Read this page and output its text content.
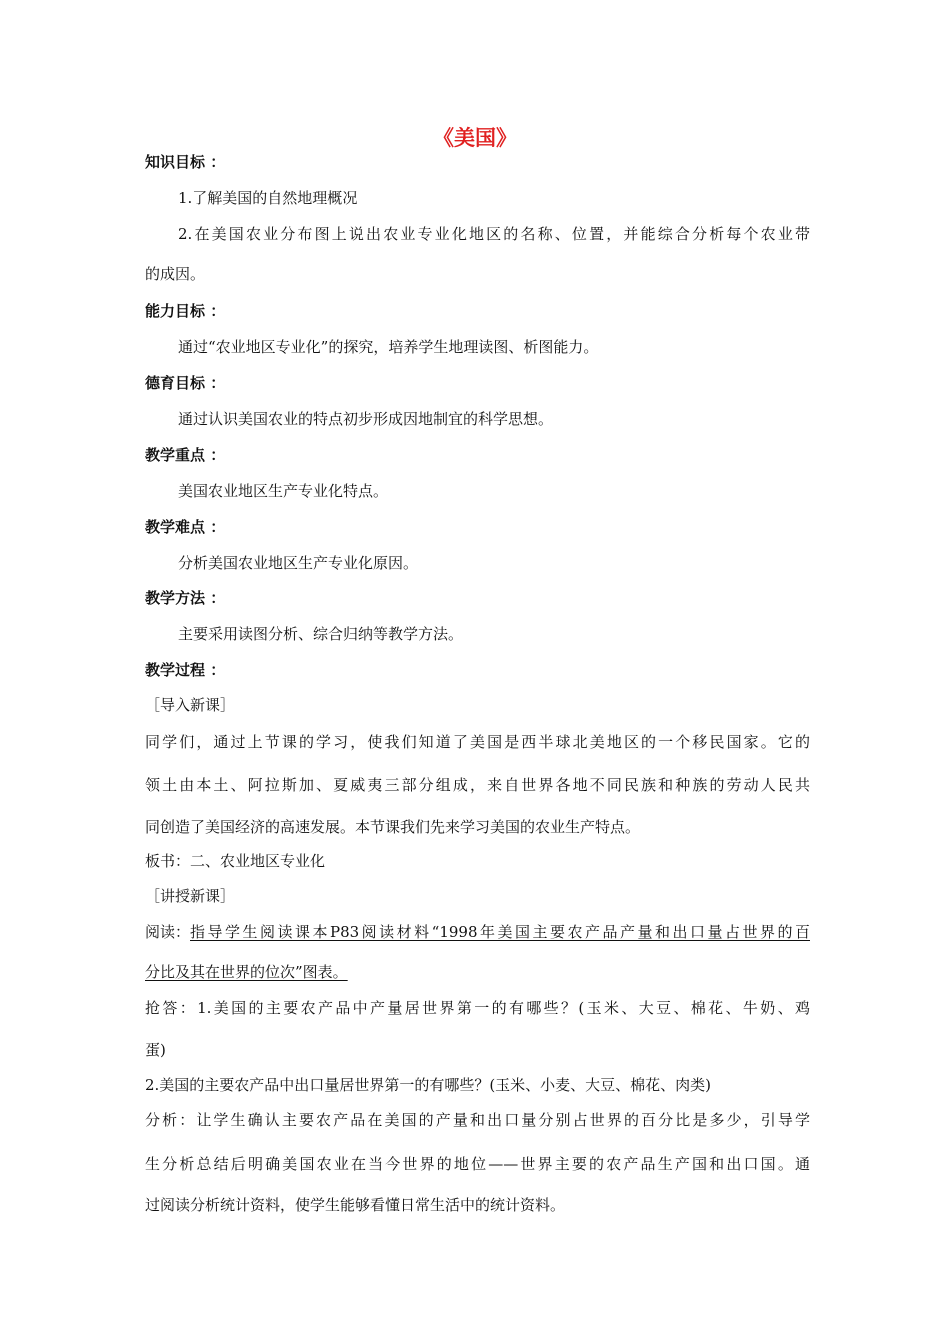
《美国》
知识目标 ：
1.了解美国的自然地理概况
2.在美国农业分布图上说出农业专业化地区的名称、位置，并能综合分析每个农业带
的成因。
能力目标 ：
通过“农业地区专业化”的探究，培养学生地理读图、析图能力。
德育目标 ：
通过认识美国农业的特点初步形成因地制宜的科学思想。
教学重点 ：
美国农业地区生产专业化特点。
教学难点 ：
分析美国农业地区生产专业化原因。
教学方法 ：
主要采用读图分析、综合归纳等教学方法。
教学过程 ：
［导入新课］
同学们，通过上节课的学习，使我们知道了美国是西半球北美地区的一个移民国家。它的
领土由本土、阿拉斯加、夏威夷三部分组成，来自世界各地不同民族和种族的劳动人民共
同创造了美国经济的高速发展。本节课我们先来学习美国的农业生产特点。
板书：二、农业地区专业化
［讲授新课］
阅读： 指导学生阅读课本P83阅读材料“1998年美国主要农产品产量和出口量占世界的百
分比及其在世界的位次”图表。
抢答：1.美国的主要农产品中产量居世界第一的有哪些？(玉米、大豆、棉花、牛奶、鸡
蛋)
2.美国的主要农产品中出口量居世界第一的有哪些？(玉米、小麦、大豆、棉花、肉类)
分析：让学生确认主要农产品在美国的产量和出口量分别占世界的百分比是多少，引导学
生分析总结后明确美国农业在当今世界的地位——世界主要的农产品生产国和出口国。通
过阅读分析统计资料，使学生能够看懂日常生活中的统计资料。
